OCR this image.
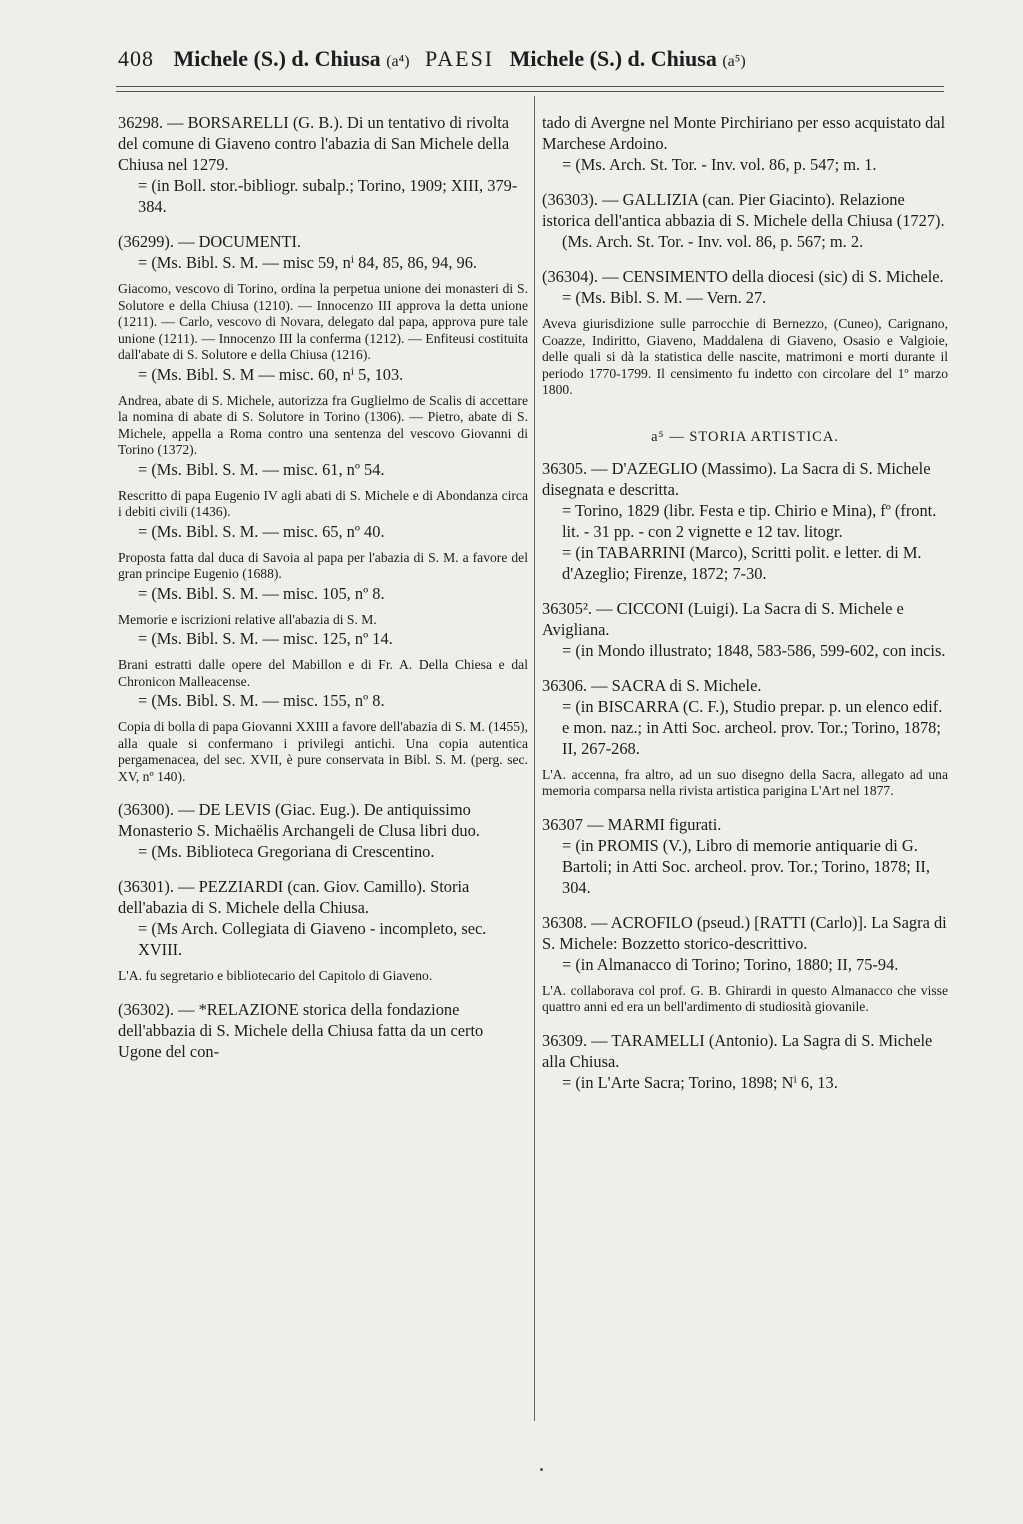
408 Michele (S.) d. Chiusa (a⁴) PAESI Michele (S.) d. Chiusa (a⁵)

36298. — BORSARELLI (G. B.). Di un tentativo di rivolta del comune di Giaveno contro l'abazia di San Michele della Chiusa nel 1279.

= (in Boll. stor.-bibliogr. subalp.; Torino, 1909; XIII, 379-384.

(36299). — DOCUMENTI.

= (Ms. Bibl. S. M. — misc 59, nⁱ 84, 85, 86, 94, 96.

Giacomo, vescovo di Torino, ordina la perpetua unione dei monasteri di S. Solutore e della Chiusa (1210). — Innocenzo III approva la detta unione (1211). — Carlo, vescovo di Novara, delegato dal papa, approva pure tale unione (1211). — Innocenzo III la conferma (1212). — Enfiteusi costituita dall'abate di S. Solutore e della Chiusa (1216).

= (Ms. Bibl. S. M — misc. 60, nⁱ 5, 103.

Andrea, abate di S. Michele, autorizza fra Guglielmo de Scalis di accettare la nomina di abate di S. Solutore in Torino (1306). — Pietro, abate di S. Michele, appella a Roma contro una sentenza del vescovo Giovanni di Torino (1372).

= (Ms. Bibl. S. M. — misc. 61, nº 54.

Rescritto di papa Eugenio IV agli abati di S. Michele e di Abondanza circa i debiti civili (1436).

= (Ms. Bibl. S. M. — misc. 65, nº 40.

Proposta fatta dal duca di Savoia al papa per l'abazia di S. M. a favore del gran principe Eugenio (1688).

= (Ms. Bibl. S. M. — misc. 105, nº 8.

Memorie e iscrizioni relative all'abazia di S. M.

= (Ms. Bibl. S. M. — misc. 125, nº 14.

Brani estratti dalle opere del Mabillon e di Fr. A. Della Chiesa e dal Chronicon Malleacense.

= (Ms. Bibl. S. M. — misc. 155, nº 8.

Copia di bolla di papa Giovanni XXIII a favore dell'abazia di S. M. (1455), alla quale si confermano i privilegi antichi. Una copia autentica pergamenacea, del sec. XVII, è pure conservata in Bibl. S. M. (perg. sec. XV, nº 140).

(36300). — DE LEVIS (Giac. Eug.). De antiquissimo Monasterio S. Michaëlis Archangeli de Clusa libri duo.

= (Ms. Biblioteca Gregoriana di Crescentino.

(36301). — PEZZIARDI (can. Giov. Camillo). Storia dell'abazia di S. Michele della Chiusa.

= (Ms Arch. Collegiata di Giaveno - incompleto, sec. XVIII.

L'A. fu segretario e bibliotecario del Capitolo di Giaveno.

(36302). — *RELAZIONE storica della fondazione dell'abbazia di S. Michele della Chiusa fatta da un certo Ugone del con-

tado di Avergne nel Monte Pirchiriano per esso acquistato dal Marchese Ardoino.

= (Ms. Arch. St. Tor. - Inv. vol. 86, p. 547; m. 1.

(36303). — GALLIZIA (can. Pier Giacinto). Relazione istorica dell'antica abbazia di S. Michele della Chiusa (1727).

(Ms. Arch. St. Tor. - Inv. vol. 86, p. 567; m. 2.

(36304). — CENSIMENTO della diocesi (sic) di S. Michele.

= (Ms. Bibl. S. M. — Vern. 27.

Aveva giurisdizione sulle parrocchie di Bernezzo, (Cuneo), Carignano, Coazze, Indiritto, Giaveno, Maddalena di Giaveno, Osasio e Valgioie, delle quali si dà la statistica delle nascite, matrimoni e morti durante il periodo 1770-1799. Il censimento fu indetto con circolare del 1º marzo 1800.

a⁵ — STORIA ARTISTICA.

36305. — D'AZEGLIO (Massimo). La Sacra di S. Michele disegnata e descritta.

= Torino, 1829 (libr. Festa e tip. Chirio e Mina), fº (front. lit. - 31 pp. - con 2 vignette e 12 tav. litogr.

= (in TABARRINI (Marco), Scritti polit. e letter. di M. d'Azeglio; Firenze, 1872; 7-30.

36305². — CICCONI (Luigi). La Sacra di S. Michele e Avigliana.

= (in Mondo illustrato; 1848, 583-586, 599-602, con incis.

36306. — SACRA di S. Michele.

= (in BISCARRA (C. F.), Studio prepar. p. un elenco edif. e mon. naz.; in Atti Soc. archeol. prov. Tor.; Torino, 1878; II, 267-268.

L'A. accenna, fra altro, ad un suo disegno della Sacra, allegato ad una memoria comparsa nella rivista artistica parigina L'Art nel 1877.

36307 — MARMI figurati.

= (in PROMIS (V.), Libro di memorie antiquarie di G. Bartoli; in Atti Soc. archeol. prov. Tor.; Torino, 1878; II, 304.

36308. — ACROFILO (pseud.) [RATTI (Carlo)]. La Sagra di S. Michele: Bozzetto storico-descrittivo.

= (in Almanacco di Torino; Torino, 1880; II, 75-94.

L'A. collaborava col prof. G. B. Ghirardi in questo Almanacco che visse quattro anni ed era un bell'ardimento di studiosità giovanile.

36309. — TARAMELLI (Antonio). La Sagra di S. Michele alla Chiusa.

= (in L'Arte Sacra; Torino, 1898; Nⁱ 6, 13.
